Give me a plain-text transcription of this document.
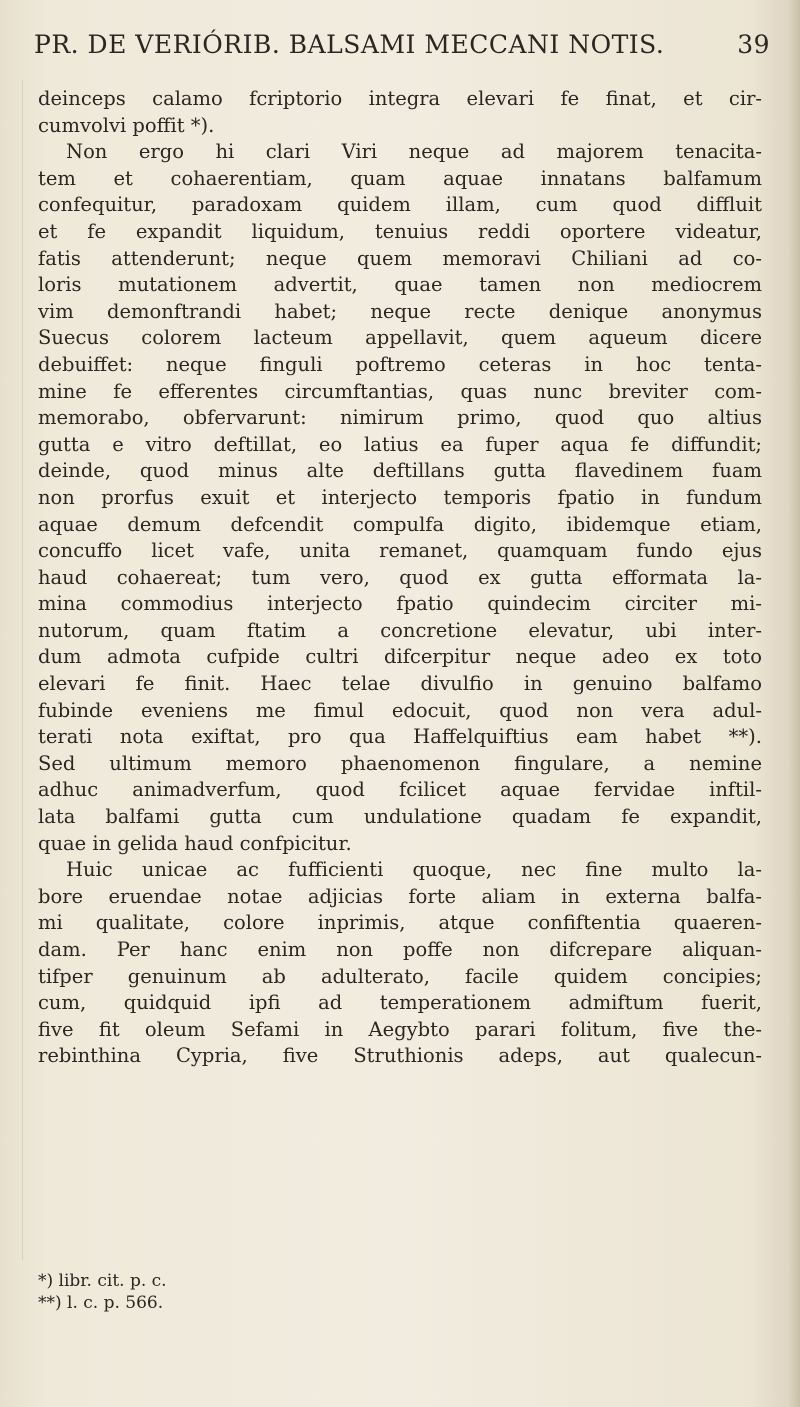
PR. DE VERIÓRIB. BALSAMI MECCANI NOTIS.	39
deinceps calamo fcriptorio integra elevari fe finat, et cir-
cumvolvi poffit *).
Non ergo hi clari Viri neque ad majorem tenacita-
tem et cohaerentiam, quam aquae innatans balfamum
confequitur, paradoxam quidem illam, cum quod diffluit
et fe expandit liquidum, tenuius reddi oportere videatur,
fatis attenderunt; neque quem memoravi Chiliani ad co-
loris mutationem advertit, quae tamen non mediocrem
vim demonftrandi habet; neque recte denique anonymus
Suecus colorem lacteum appellavit, quem aqueum dicere
debuiffet: neque finguli poftremo ceteras in hoc tenta-
mine fe efferentes circumftantias, quas nunc breviter com-
memorabo, obfervarunt: nimirum primo, quod quo altius
gutta e vitro deftillat, eo latius ea fuper aqua fe diffundit;
deinde, quod minus alte deftillans gutta flavedinem fuam
non prorfus exuit et interjecto temporis fpatio in fundum
aquae demum defcendit compulfa digito, ibidemque etiam,
concuffo licet vafe, unita remanet, quamquam fundo ejus
haud cohaereat; tum vero, quod ex gutta efformata la-
mina commodius interjecto fpatio quindecim circiter mi-
nutorum, quam ftatim a concretione elevatur, ubi inter-
dum admota cufpide cultri difcerpitur neque adeo ex toto
elevari fe finit. Haec telae divulfio in genuino balfamo
fubinde eveniens me fimul edocuit, quod non vera adul-
terati nota exiftat, pro qua Haffelquiftius eam habet **).
Sed ultimum memoro phaenomenon fingulare, a nemine
adhuc animadverfum, quod fcilicet aquae fervidae inftil-
lata balfami gutta cum undulatione quadam fe expandit,
quae in gelida haud confpicitur.
Huic unicae ac fufficienti quoque, nec fine multo la-
bore eruendae notae adjicias forte aliam in externa balfa-
mi qualitate, colore inprimis, atque confiftentia quaeren-
dam. Per hanc enim non poffe non difcrepare aliquan-
tifper genuinum ab adulterato, facile quidem concipies;
cum, quidquid ipfi ad temperationem admiftum fuerit,
five fit oleum Sefami in Aegybto parari folitum, five the-
rebinthina Cypria, five Struthionis adeps, aut qualecun-
*) libr. cit. p. c.
**) l. c. p. 566.
